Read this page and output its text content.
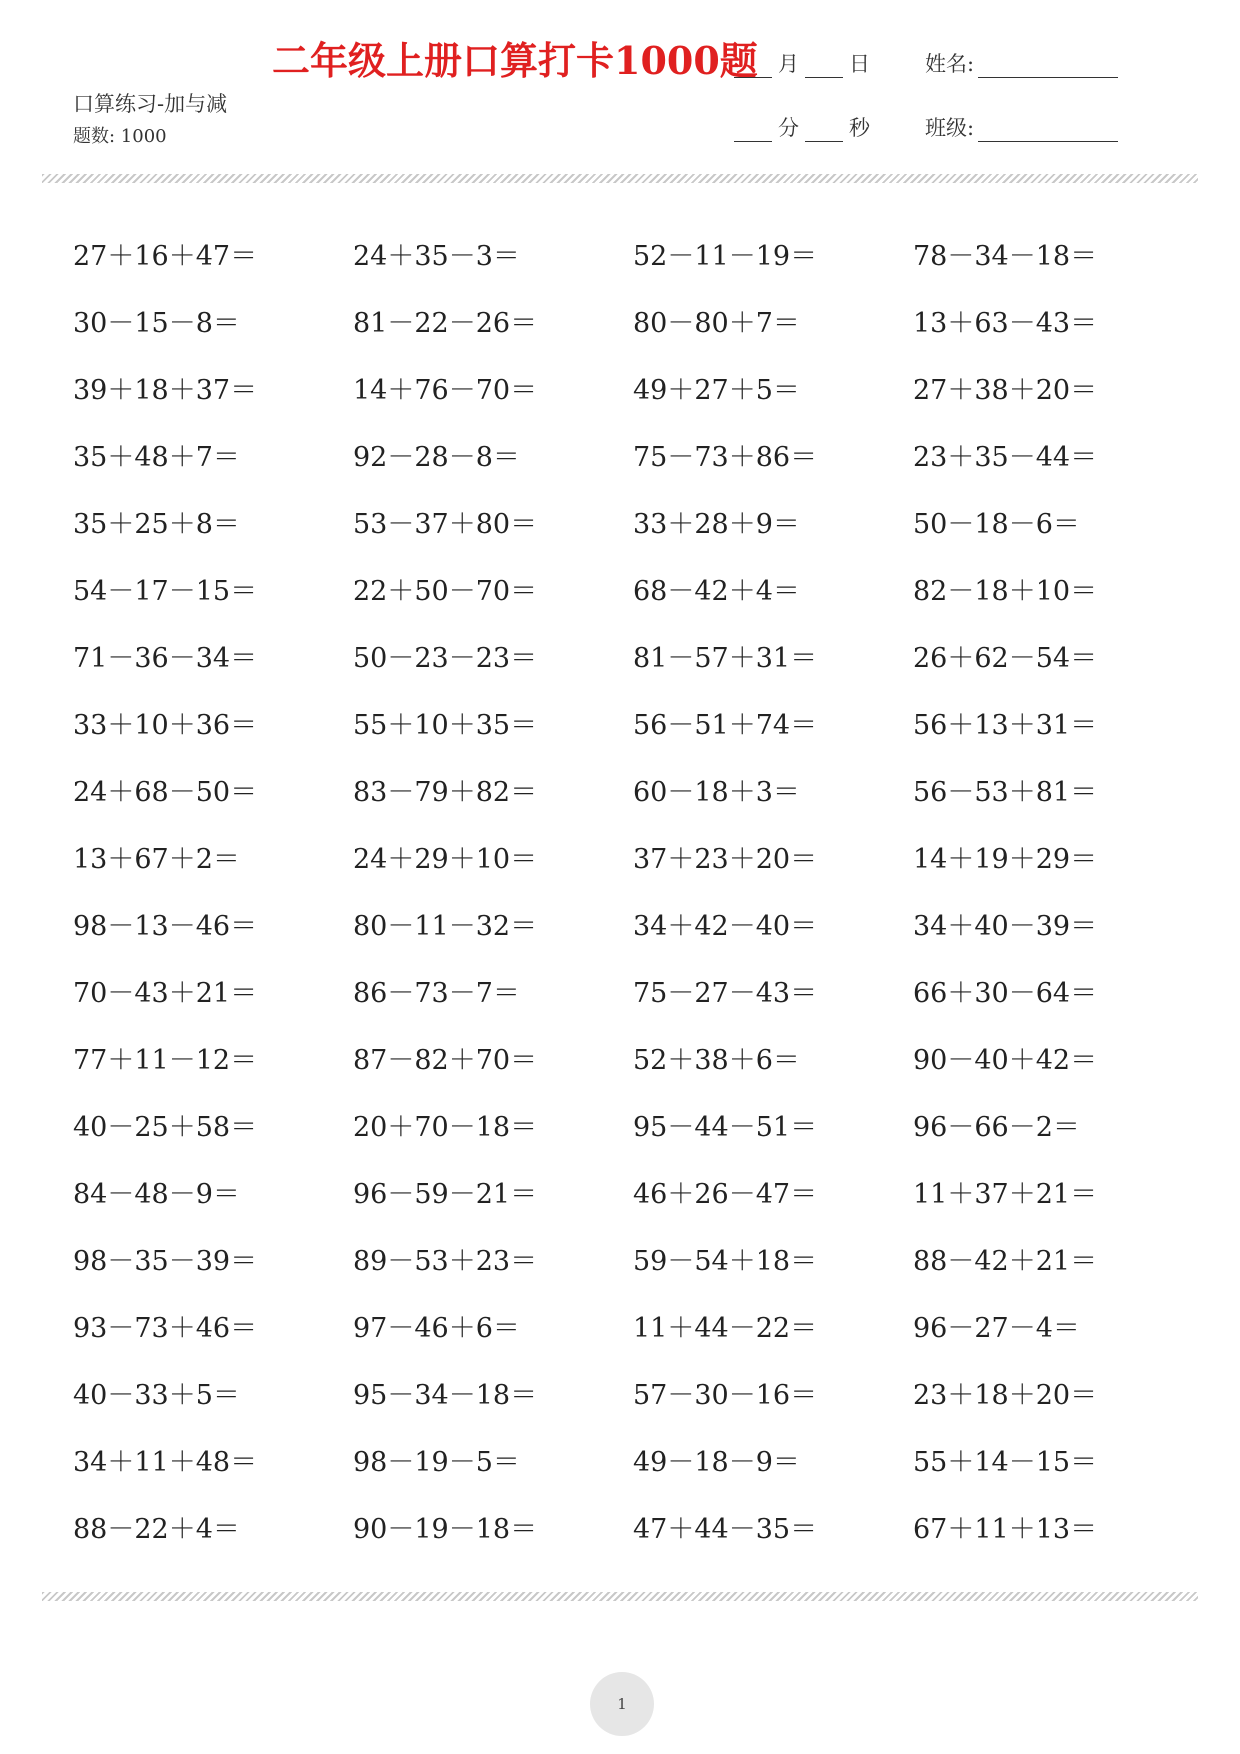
二年级上册口算打卡1000题
口算练习-加与减
题数: 1000
月 日
分 秒
姓名:
班级:
27＋16＋47＝	24＋35－3＝	52－11－19＝	78－34－18＝
30－15－8＝	81－22－26＝	80－80＋7＝	13＋63－43＝
39＋18＋37＝	14＋76－70＝	49＋27＋5＝	27＋38＋20＝
35＋48＋7＝	92－28－8＝	75－73＋86＝	23＋35－44＝
35＋25＋8＝	53－37＋80＝	33＋28＋9＝	50－18－6＝
54－17－15＝	22＋50－70＝	68－42＋4＝	82－18＋10＝
71－36－34＝	50－23－23＝	81－57＋31＝	26＋62－54＝
33＋10＋36＝	55＋10＋35＝	56－51＋74＝	56＋13＋31＝
24＋68－50＝	83－79＋82＝	60－18＋3＝	56－53＋81＝
13＋67＋2＝	24＋29＋10＝	37＋23＋20＝	14＋19＋29＝
98－13－46＝	80－11－32＝	34＋42－40＝	34＋40－39＝
70－43＋21＝	86－73－7＝	75－27－43＝	66＋30－64＝
77＋11－12＝	87－82＋70＝	52＋38＋6＝	90－40＋42＝
40－25＋58＝	20＋70－18＝	95－44－51＝	96－66－2＝
84－48－9＝	96－59－21＝	46＋26－47＝	11＋37＋21＝
98－35－39＝	89－53＋23＝	59－54＋18＝	88－42＋21＝
93－73＋46＝	97－46＋6＝	11＋44－22＝	96－27－4＝
40－33＋5＝	95－34－18＝	57－30－16＝	23＋18＋20＝
34＋11＋48＝	98－19－5＝	49－18－9＝	55＋14－15＝
88－22＋4＝	90－19－18＝	47＋44－35＝	67＋11＋13＝
1
